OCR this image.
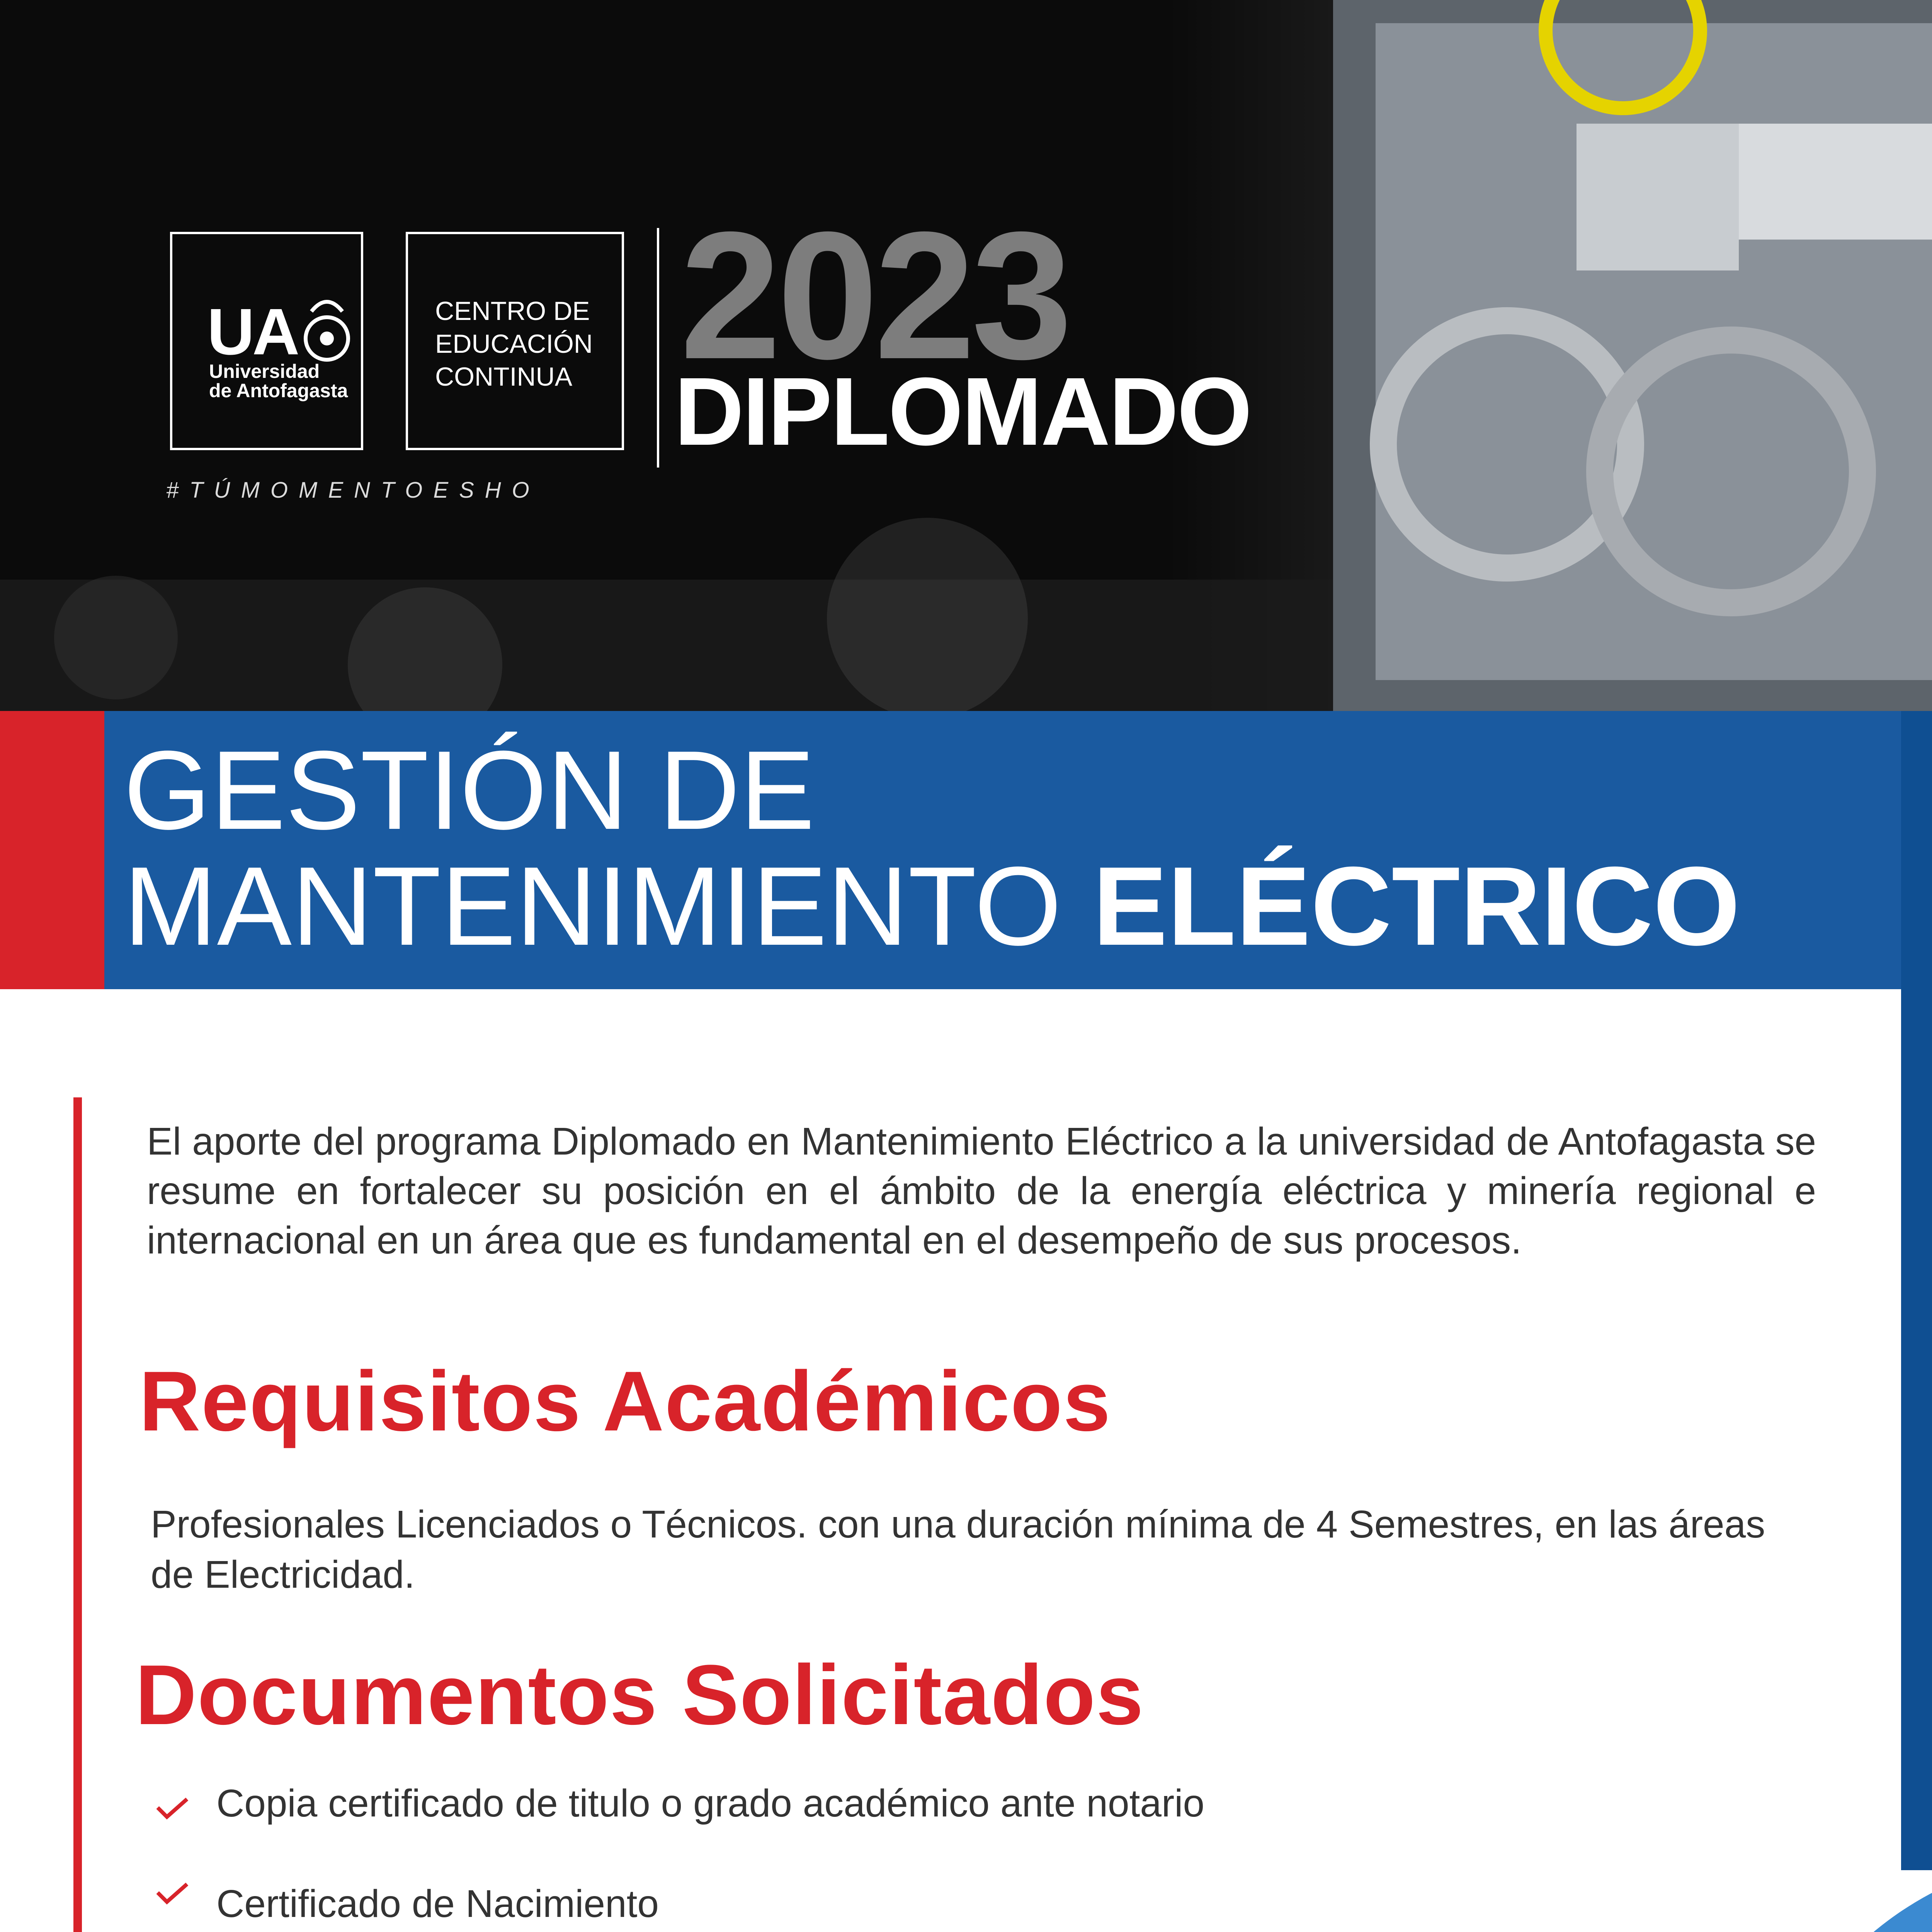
UA
Universidad
de Antofagasta
CENTRO DE
EDUCACIÓN
CONTINUA
#TÚMOMENTOESHO
2023
DIPLOMADO
GESTIÓN DE
MANTENIMIENTO ELÉCTRICO

El aporte del programa Diplomado en Mantenimiento Eléctrico a la universidad de Antofagasta se resume en fortalecer su posición en el ámbito de la energía eléctrica y minería regional e internacional en un área que es fundamental en el desempeño de sus procesos.

Requisitos Académicos

Profesionales Licenciados o Técnicos. con una duración mínima de 4 Semestres, en las áreas de Electricidad.

Documentos Solicitados
Copia certificado de titulo o grado académico ante notario
Certificado de Nacimiento
